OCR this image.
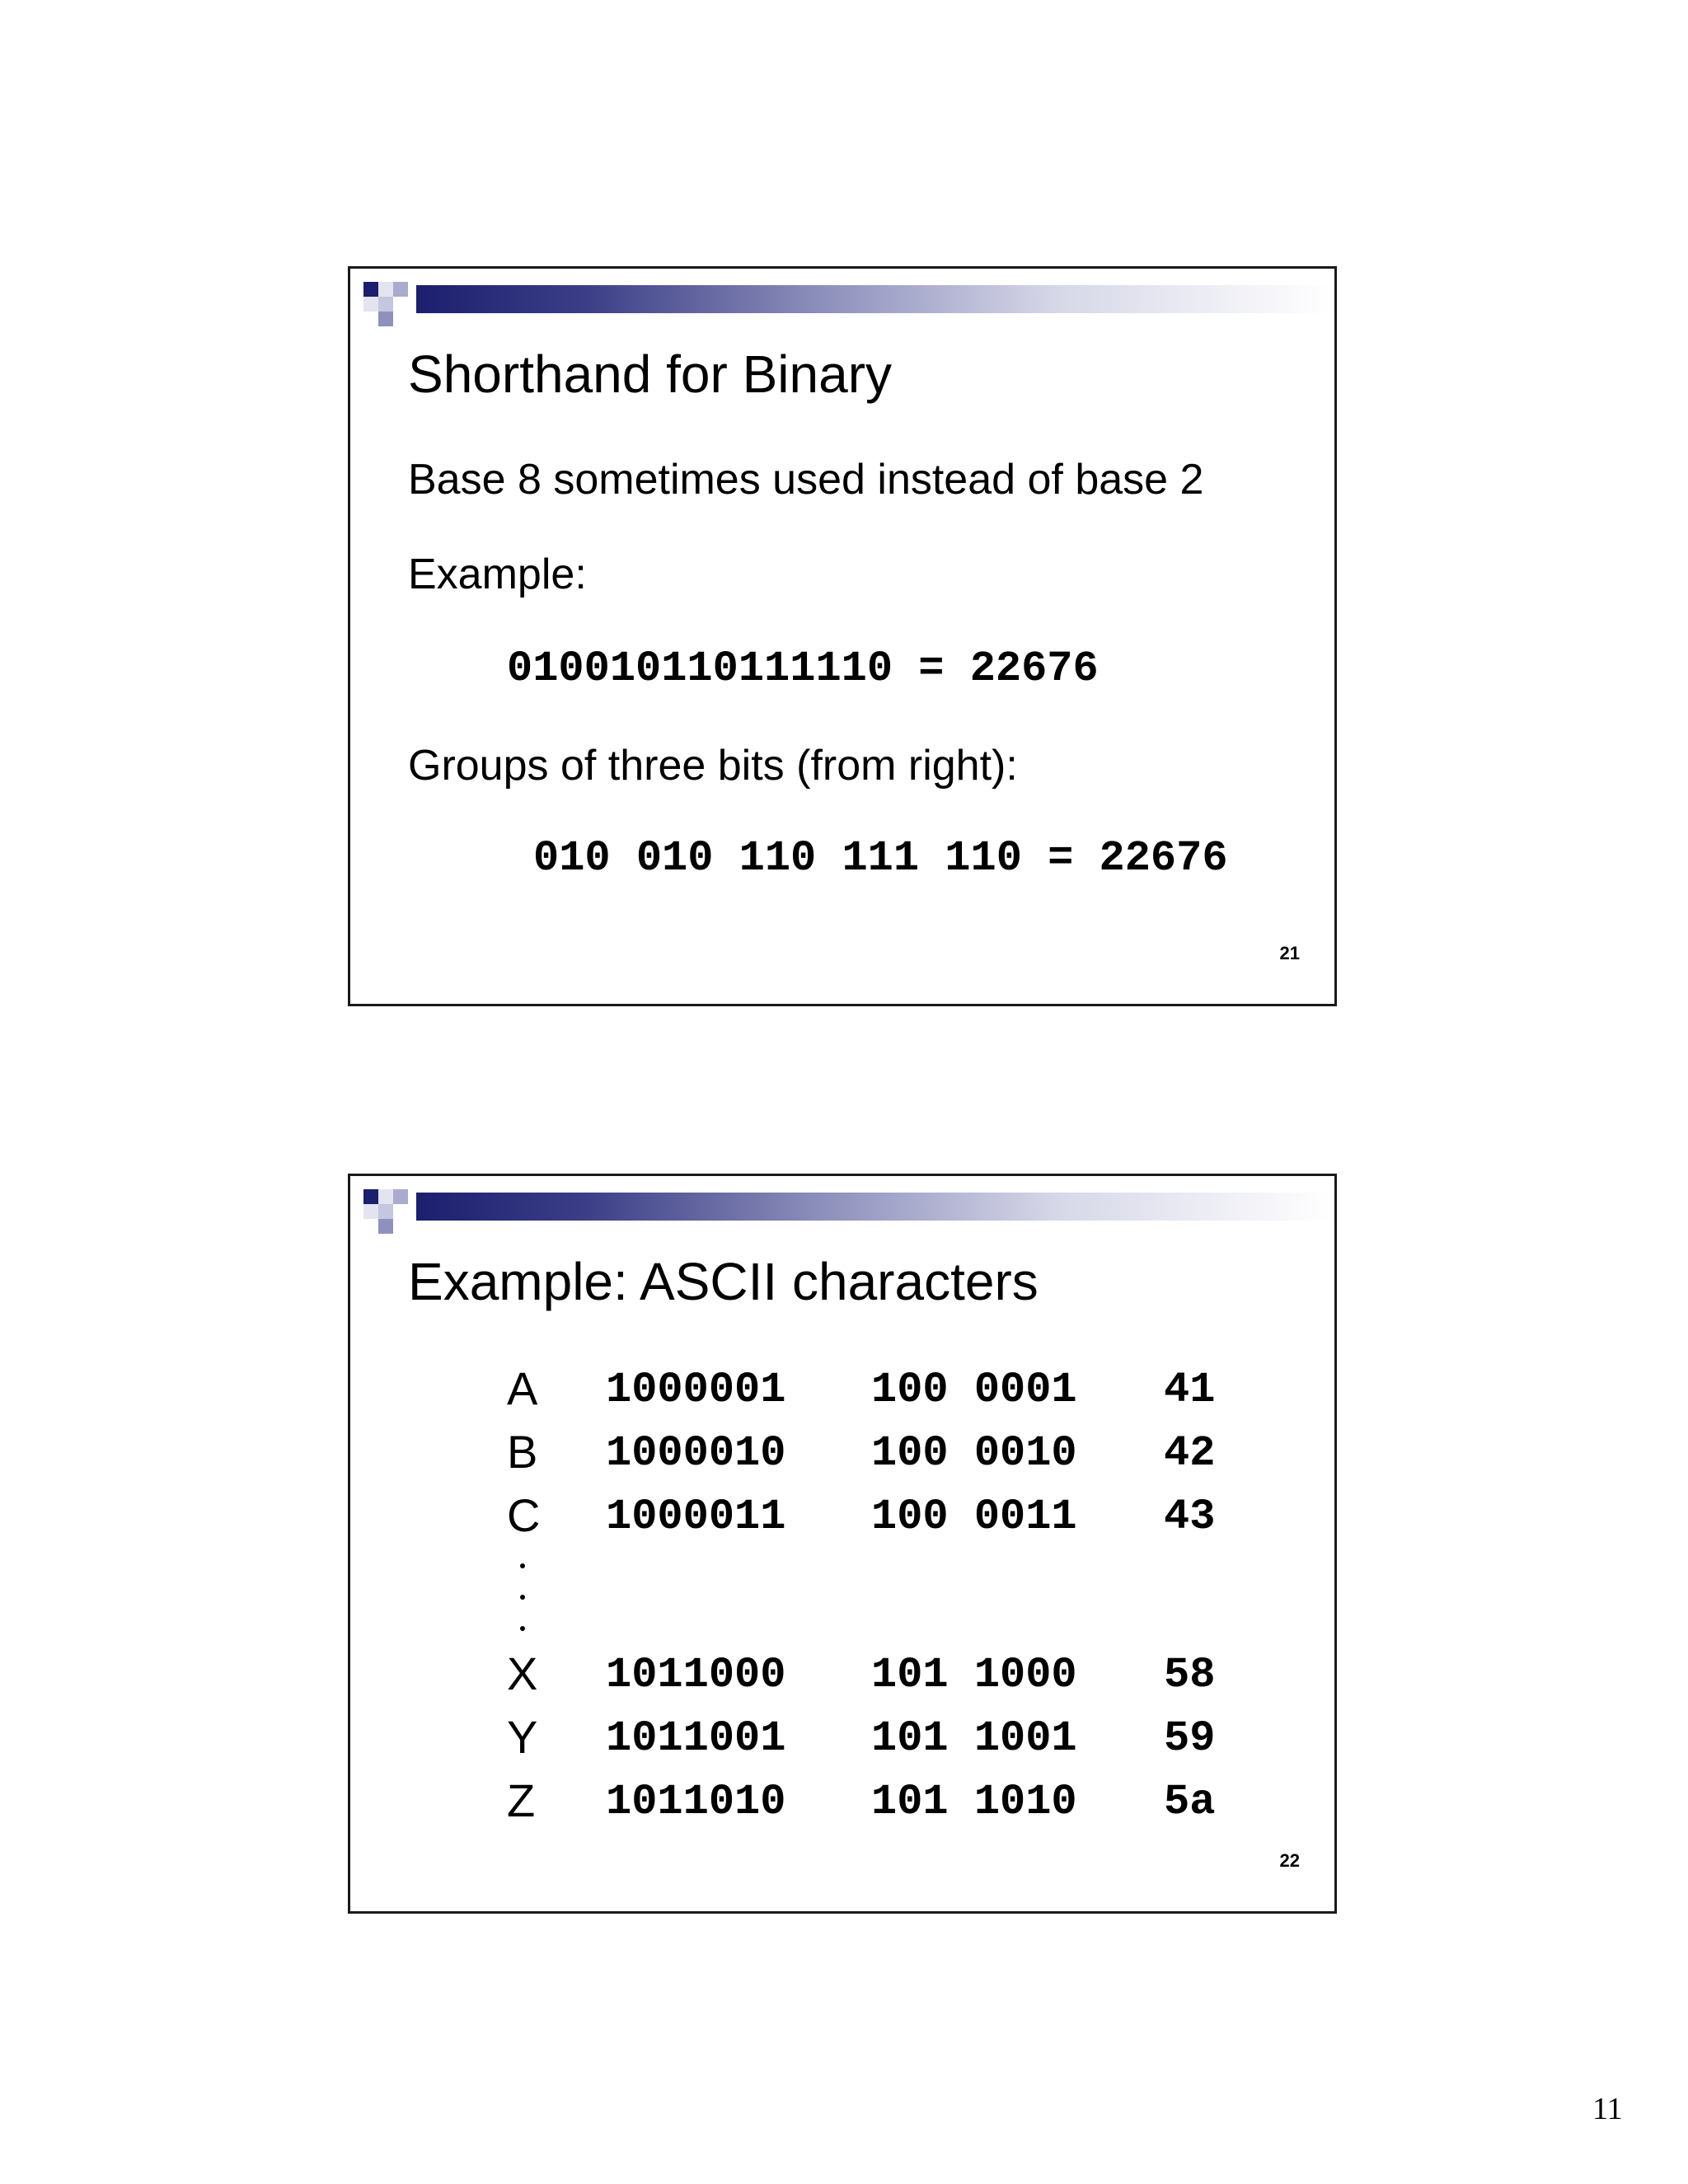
Shorthand for Binary
Base 8 sometimes used instead of base 2
Example:
010010110111110 = 22676
Groups of three bits (from right):
010 010 110 111 110 = 22676
21
Example: ASCII characters
A 1000001 100 0001 41
B 1000010 100 0010 42
C 1000011 100 0011 43
X 1011000 101 1000 58
Y 1011001 101 1001 59
Z 1011010 101 1010 5a
22
11
